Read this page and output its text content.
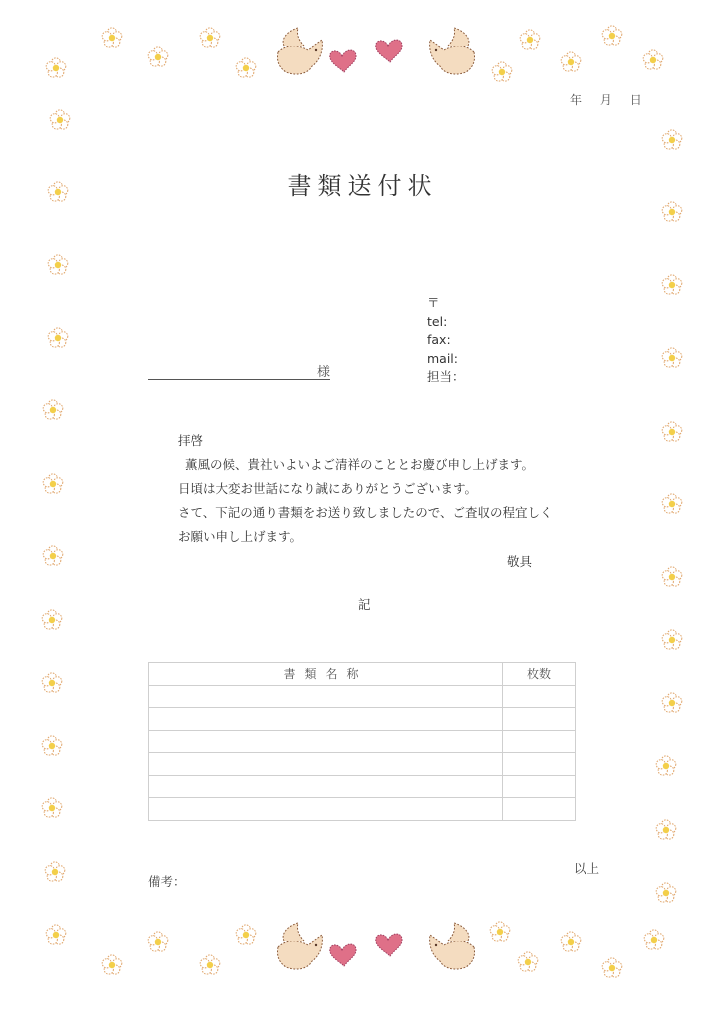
年 月 日
書類送付状
〒
tel:
fax:
mail:
担当：
様
拝啓
薫風の候、貴社いよいよご清祥のこととお慶び申し上げます。
日頃は大変お世話になり誠にありがとうございます。
さて、下記の通り書類をお送り致しましたので、ご査収の程宜しく
お願い申し上げます。
敬具
記
書類名称	枚数

以上
備考：
